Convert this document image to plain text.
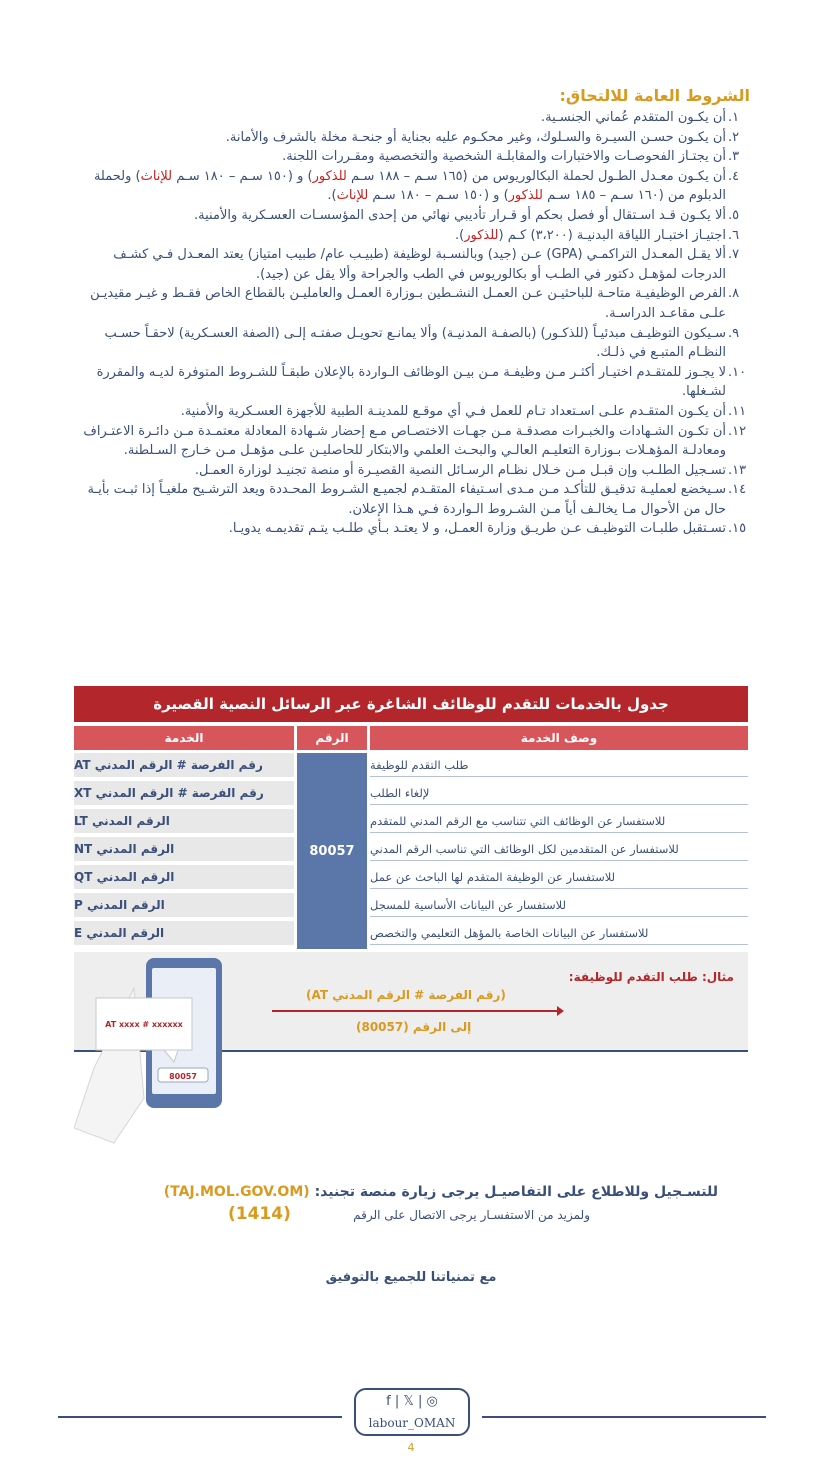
الشروط العامة للالتحاق:
.١
أن يكـون المتقدم عُماني الجنسـية.
.٢
أن يكـون حسـن السيـرة والسـلوك، وغير محكـوم عليه بجناية أو جنحـة مخلة بالشرف والأمانة.
.٣
أن يجتـاز الفحوصـات والاختبارات والمقابلـة الشخصية والتخصصية ومقـررات اللجنة.
.٤
أن يكـون معـدل الطـول لحملة البكالوريوس من (١٦٥ سـم – ١٨٨ سـم للذكور) و (١٥٠ سـم – ١٨٠ سـم للإناث) ولحملة الدبلوم من (١٦٠ سـم – ١٨٥ سـم للذكور) و (١٥٠ سـم – ١٨٠ سـم للإناث).
.٥
ألا يكـون قـد اسـتقال أو فصل بحكم أو قـرار تأديبي نهائي من إحدى المؤسسـات العسـكرية والأمنية.
.٦
اجتيـاز اختبـار اللياقة البدنيـة (٣،٢٠٠) كـم (للذكور).
.٧
ألا يقـل المعـدل التراكمـي (GPA) عـن (جيد) وبالنسـبة لوظيفة (طبيـب عام/ طبيب امتياز) يعتد المعـدل فـي كشـف الدرجات لمؤهـل دكتور في الطـب أو بكالوريوس في الطب والجراحة وألا يقل عن (جيد).
.٨
الفرص الوظيفيـة متاحـة للباحثيـن عـن العمـل النشـطين بـوزارة العمـل والعامليـن بالقطاع الخاص فقـط و غيـر مقيديـن علـى مقاعـد الدراسـة.
.٩
سـيكون التوظيـف مبدئيـاً (للذكـور) (بالصفـة المدنيـة) وألا يمانـع تحويـل صفتـه إلـى (الصفة العسـكرية) لاحقـاً حسـب النظـام المتبـع في ذلـك.
.١٠
لا يجـوز للمتقـدم اختيـار أكثـر مـن وظيفـة مـن بيـن الوظائف الـواردة بالإعلان طبقـاً للشـروط المتوفرة لديـه والمقررة لشـغلها.
.١١
أن يكـون المتقـدم علـى اسـتعداد تـام للعمل فـي أي موقـع للمدينـة الطبية للأجهزة العسـكرية والأمنية.
.١٢
أن تكـون الشـهادات والخبـرات مصدقـة مـن جهـات الاختصـاص مـع إحضار شـهادة المعادلة معتمـدة مـن دائـرة الاعتـراف ومعادلـة المؤهـلات بـوزارة التعليـم العالـي والبحـث العلمي والابتكار للحاصليـن علـى مؤهـل مـن خـارج السـلطنة.
.١٣
تسـجيل الطلـب وإن قبـل مـن خـلال نظـام الرسـائل النصية القصيـرة أو منصة تجنيـد لوزارة العمـل.
.١٤
سـيخضع لعمليـة تدقيـق للتأكـد مـن مـدى اسـتيفاء المتقـدم لجميـع الشـروط المحـددة ويعد الترشـيح ملغيـاً إذا ثبـت بأيـة حال من الأحوال مـا يخالـف أياً مـن الشـروط الـواردة فـي هـذا الإعلان.
.١٥
تسـتقبل طلبـات التوظيـف عـن طريـق وزارة العمـل، و لا يعتـد بـأي طلـب يتـم تقديمـه يدويـا.
جدول بالخدمات للتقدم للوظائف الشاغرة عبر الرسائل النصية القصيرة
الخدمة	الرقم	وصف الخدمة
80057
رقم الفرصة # الرقم المدني AT
رقم الفرصة # الرقم المدني XT
الرقم المدني LT
الرقم المدني NT
الرقم المدني QT
الرقم المدني P
الرقم المدني E
طلب التقدم للوظيفة
لإلغاء الطلب
للاستفسار عن الوظائف التي تتناسب مع الرقم المدني للمتقدم
للاستفسار عن المتقدمين لكل الوظائف التي تناسب الرقم المدني
للاستفسار عن الوظيفة المتقدم لها الباحث عن عمل
للاستفسار عن البيانات الأساسية للمسجل
للاستفسار عن البيانات الخاصة بالمؤهل التعليمي والتخصص
مثال: طلب التقدم للوظيفة:
(رقم الفرصة # الرقم المدني AT)
إلى الرقم (80057)
80057
AT xxxx # xxxxxx
للتسـجيل وللاطلاع على التفاصيـل يرجى زيارة منصة تجنيد: (TAJ.MOL.GOV.OM)
ولمزيد من الاستفسـار يرجى الاتصال على الرقم
(1414)
مع تمنياتنا للجميع بالتوفيق
f | 𝕏 | ◎
labour_OMAN
4
